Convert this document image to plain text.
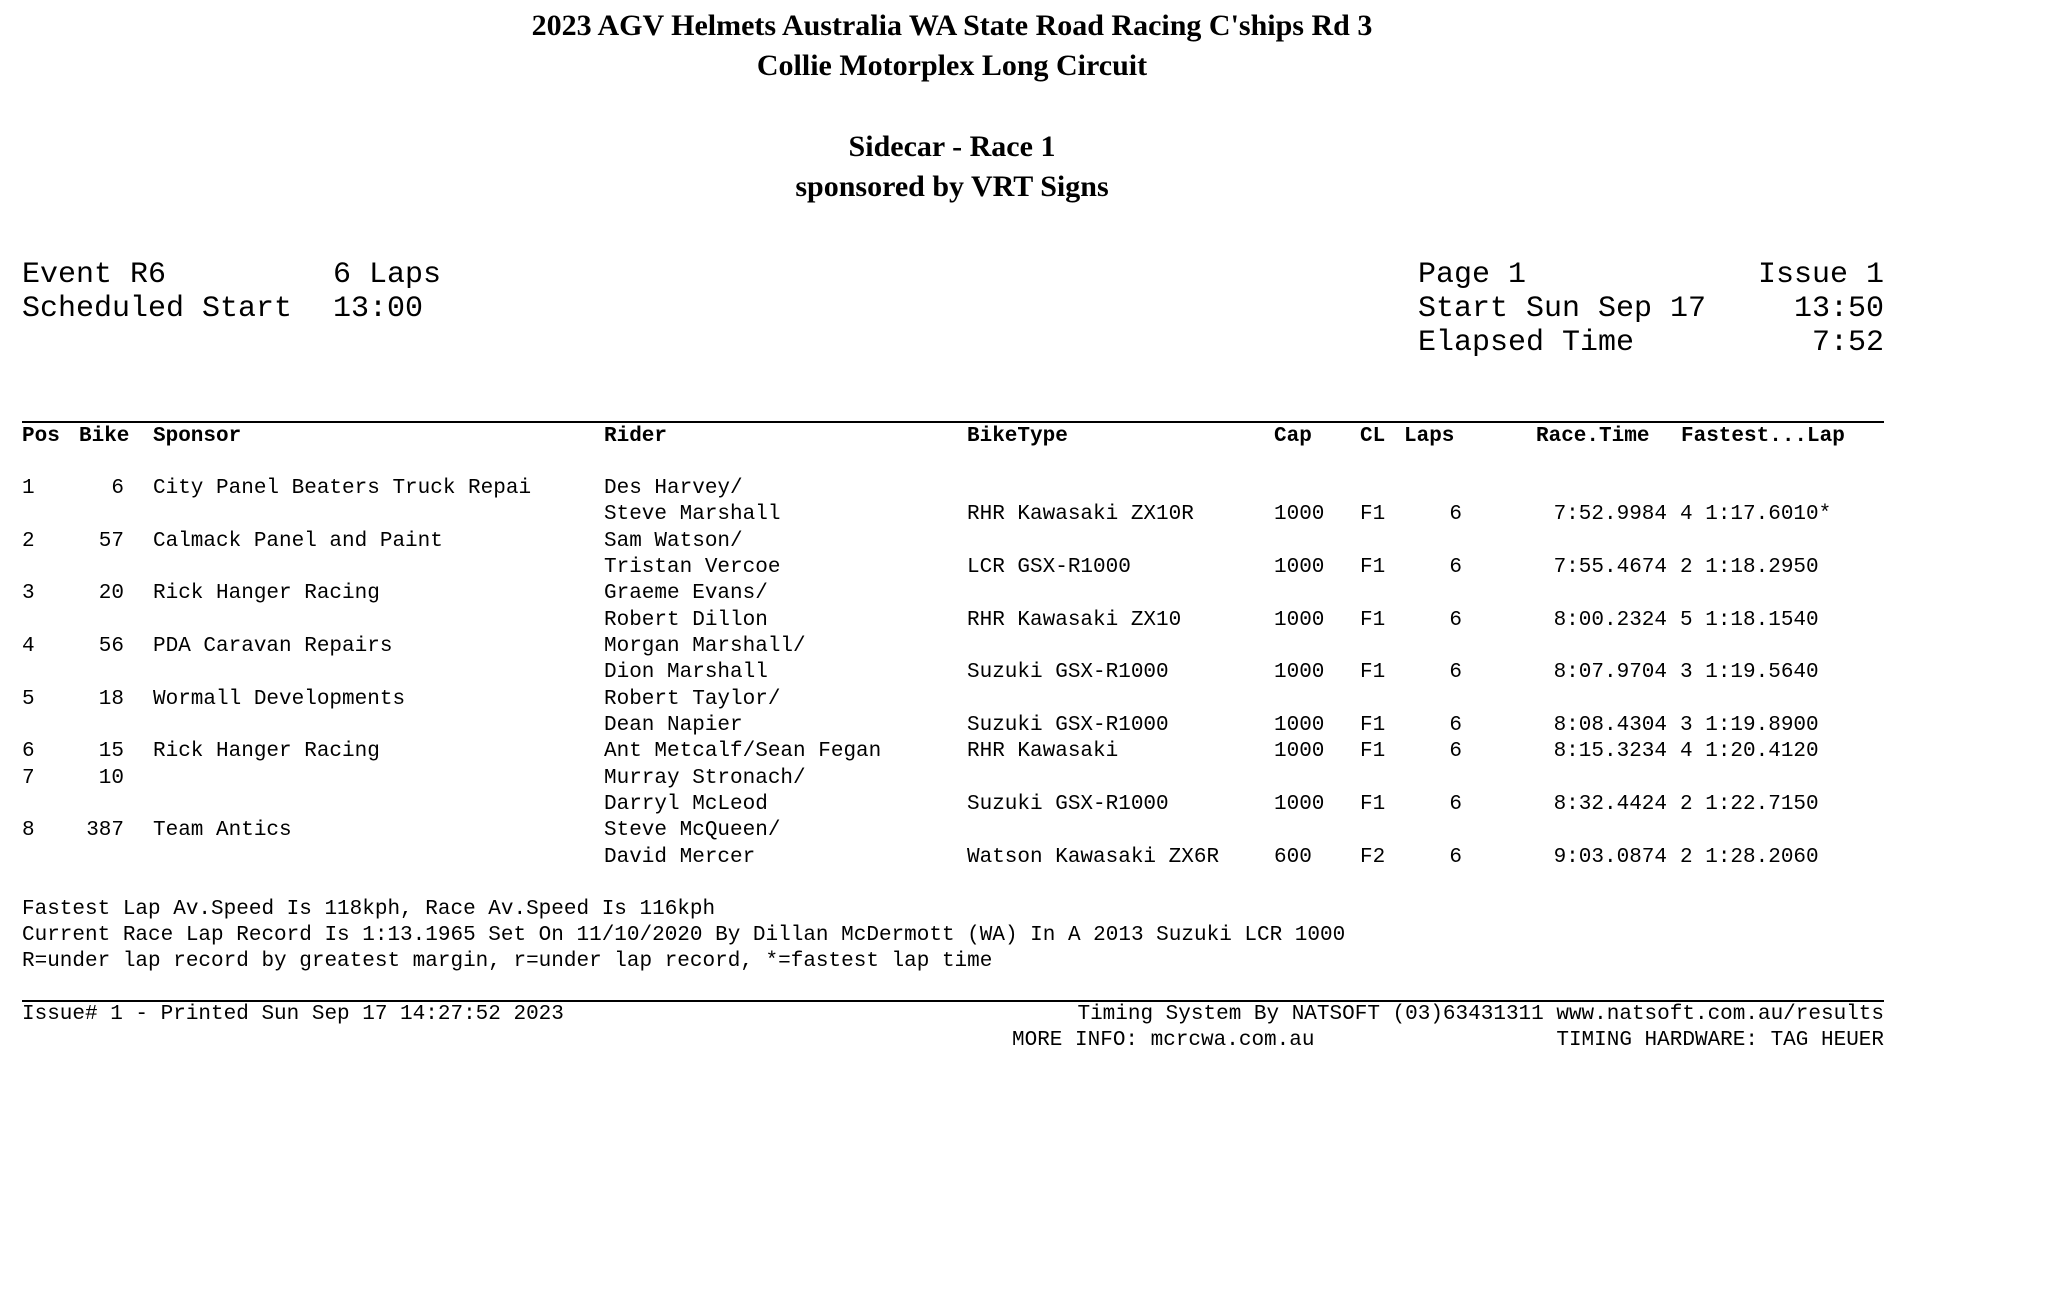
2023 AGV Helmets Australia WA State Road Racing C'ships Rd 3
Collie Motorplex Long Circuit
Sidecar - Race 1
sponsored by VRT Signs
Event R6	6 Laps
Scheduled Start 13:00
Page 1	Issue 1
Start Sun Sep 17	13:50
Elapsed Time	7:52
Pos Bike Sponsor	Rider	BikeType	Cap CL Laps	Race.Time Fastest...Lap
1	6 City Panel Beaters Truck Repai	Des Harvey/
Steve Marshall	RHR Kawasaki ZX10R	1000 F1	6	7:52.9984 4 1:17.6010*
2	57 Calmack Panel and Paint	Sam Watson/
Tristan Vercoe	LCR GSX-R1000	1000 F1	6	7:55.4674 2 1:18.2950
3	20 Rick Hanger Racing	Graeme Evans/
Robert Dillon	RHR Kawasaki ZX10	1000 F1	6	8:00.2324 5 1:18.1540
4	56 PDA Caravan Repairs	Morgan Marshall/
Dion Marshall	Suzuki GSX-R1000	1000 F1	6	8:07.9704 3 1:19.5640
5	18 Wormall Developments	Robert Taylor/
Dean Napier	Suzuki GSX-R1000	1000 F1	6	8:08.4304 3 1:19.8900
6	15 Rick Hanger Racing	Ant Metcalf/Sean Fegan	RHR Kawasaki	1000 F1	6	8:15.3234 4 1:20.4120
7	10	Murray Stronach/
Darryl McLeod	Suzuki GSX-R1000	1000 F1	6	8:32.4424 2 1:22.7150
8	387 Team Antics	Steve McQueen/
David Mercer	Watson Kawasaki ZX6R	600 F2	6	9:03.0874 2 1:28.2060
Fastest Lap Av.Speed Is 118kph, Race Av.Speed Is 116kph
Current Race Lap Record Is 1:13.1965 Set On 11/10/2020 By Dillan McDermott (WA) In A 2013 Suzuki LCR 1000
R=under lap record by greatest margin, r=under lap record, *=fastest lap time
Issue# 1 - Printed Sun Sep 17 14:27:52 2023	Timing System By NATSOFT (03)63431311 www.natsoft.com.au/results
MORE INFO: mcrcwa.com.au	TIMING HARDWARE: TAG HEUER
